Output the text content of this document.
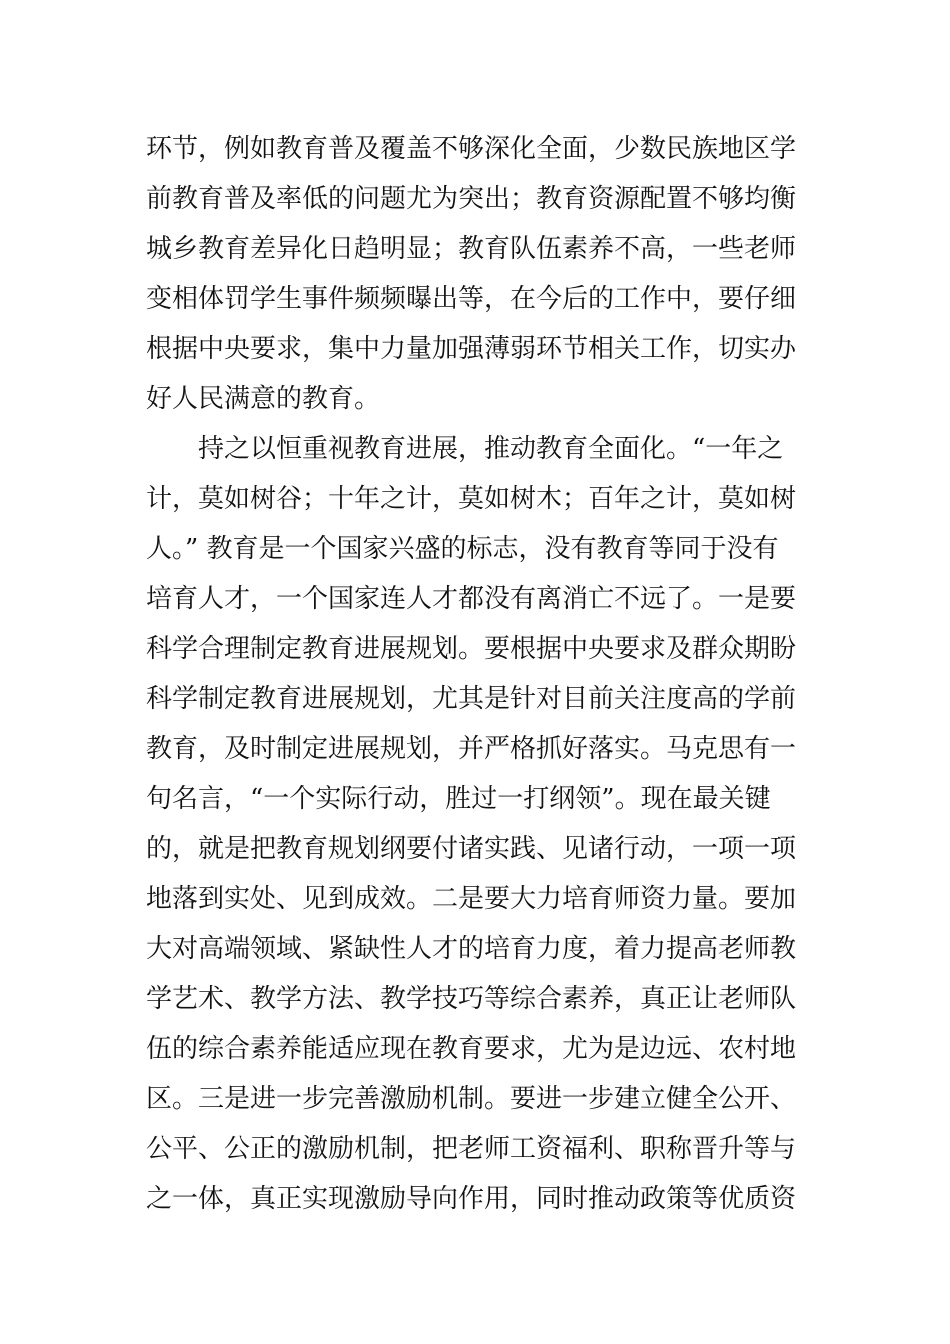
环节，例如教育普及覆盖不够深化全面，少数民族地区学
前教育普及率低的问题尤为突出；教育资源配置不够均衡
城乡教育差异化日趋明显；教育队伍素养不高，一些老师
变相体罚学生事件频频曝出等，在今后的工作中，要仔细
根据中央要求，集中力量加强薄弱环节相关工作，切实办
好人民满意的教育。
持之以恒重视教育进展，推动教育全面化。“一年之
计，莫如树谷；十年之计，莫如树木；百年之计，莫如树
人。” 教育是一个国家兴盛的标志，没有教育等同于没有
培育人才，一个国家连人才都没有离消亡不远了。一是要
科学合理制定教育进展规划。要根据中央要求及群众期盼
科学制定教育进展规划，尤其是针对目前关注度高的学前
教育，及时制定进展规划，并严格抓好落实。马克思有一
句名言，“一个实际行动，胜过一打纲领”。现在最关键
的，就是把教育规划纲要付诸实践、见诸行动，一项一项
地落到实处、见到成效。二是要大力培育师资力量。要加
大对高端领域、紧缺性人才的培育力度，着力提高老师教
学艺术、教学方法、教学技巧等综合素养，真正让老师队
伍的综合素养能适应现在教育要求，尤为是边远、农村地
区。三是进一步完善激励机制。要进一步建立健全公开、
公平、公正的激励机制，把老师工资福利、职称晋升等与
之一体，真正实现激励导向作用，同时推动政策等优质资
